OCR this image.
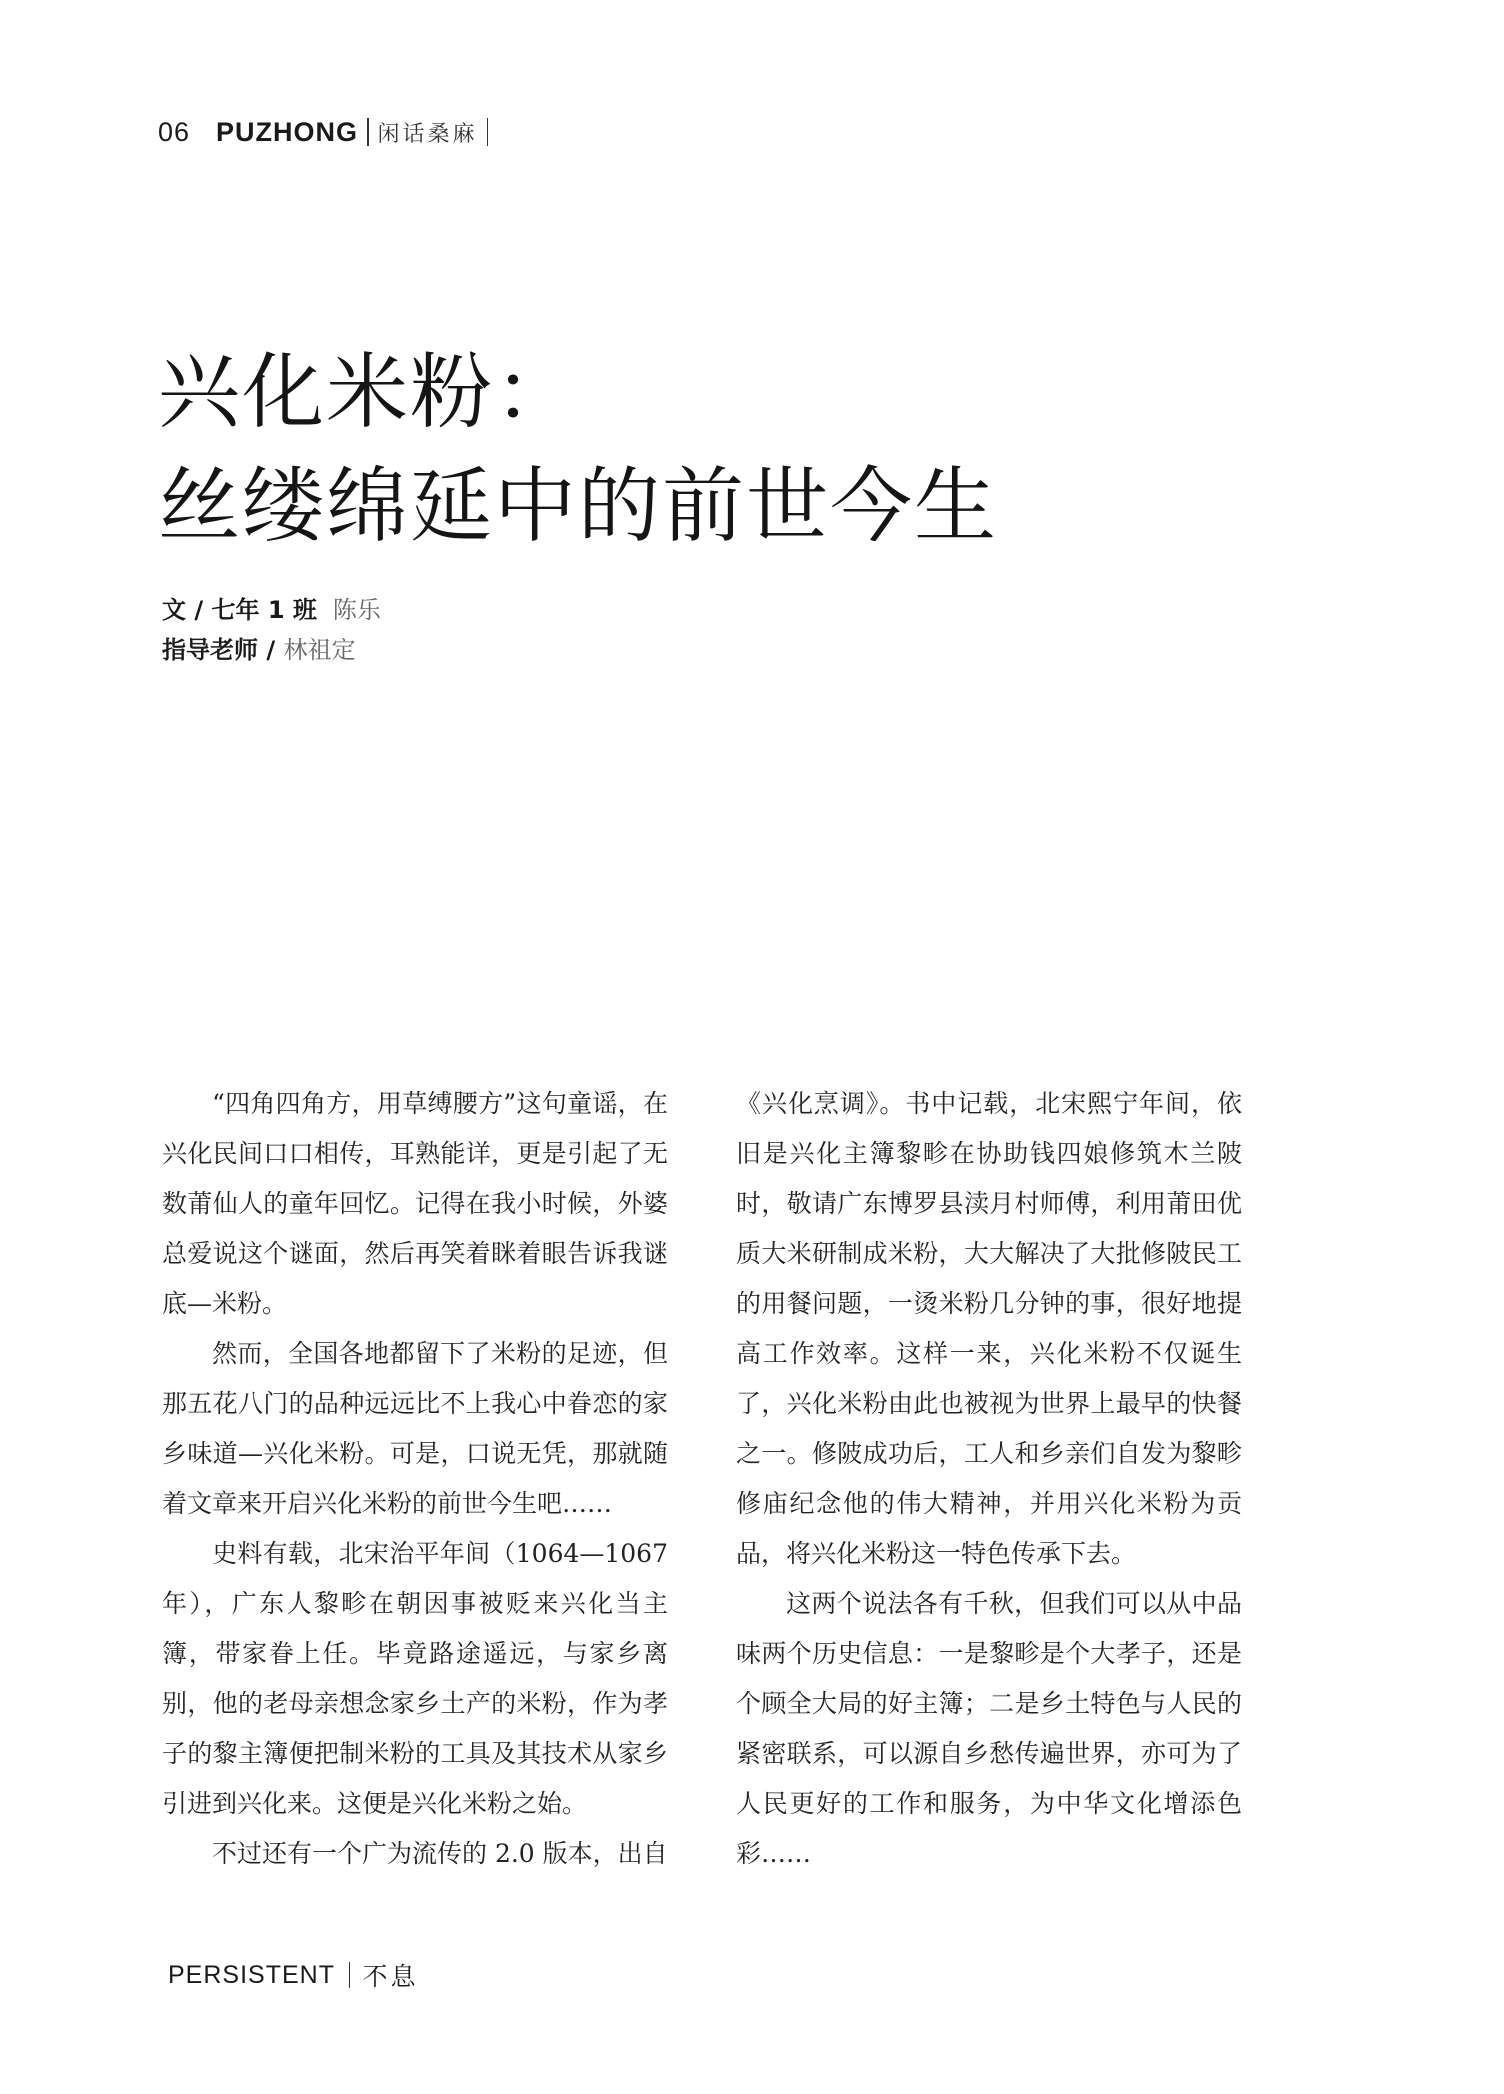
06 PUZHONG 闲话桑麻
兴化米粉：
丝缕绵延中的前世今生
文 / 七年 1 班 陈乐
指导老师 / 林祖定

“四角四角方，用草缚腰方”这句童谣，在兴化民间口口相传，耳熟能详，更是引起了无数莆仙人的童年回忆。记得在我小时候，外婆总爱说这个谜面，然后再笑着眯着眼告诉我谜底—米粉。

然而，全国各地都留下了米粉的足迹，但那五花八门的品种远远比不上我心中眷恋的家乡味道—兴化米粉。可是，口说无凭，那就随着文章来开启兴化米粉的前世今生吧……

史料有载，北宋治平年间（1064—1067年），广东人黎畛在朝因事被贬来兴化当主簿，带家眷上任。毕竟路途遥远，与家乡离别，他的老母亲想念家乡土产的米粉，作为孝子的黎主簿便把制米粉的工具及其技术从家乡引进到兴化来。这便是兴化米粉之始。

不过还有一个广为流传的 2.0 版本，出自

《兴化烹调》。书中记载，北宋熙宁年间，依旧是兴化主簿黎畛在协助钱四娘修筑木兰陂时，敬请广东博罗县渎月村师傅，利用莆田优质大米研制成米粉，大大解决了大批修陂民工的用餐问题，一烫米粉几分钟的事，很好地提高工作效率。这样一来，兴化米粉不仅诞生了，兴化米粉由此也被视为世界上最早的快餐之一。修陂成功后，工人和乡亲们自发为黎畛修庙纪念他的伟大精神，并用兴化米粉为贡品，将兴化米粉这一特色传承下去。

这两个说法各有千秋，但我们可以从中品味两个历史信息：一是黎畛是个大孝子，还是个顾全大局的好主簿；二是乡土特色与人民的紧密联系，可以源自乡愁传遍世界，亦可为了人民更好的工作和服务，为中华文化增添色彩……

PERSISTENT 不息
